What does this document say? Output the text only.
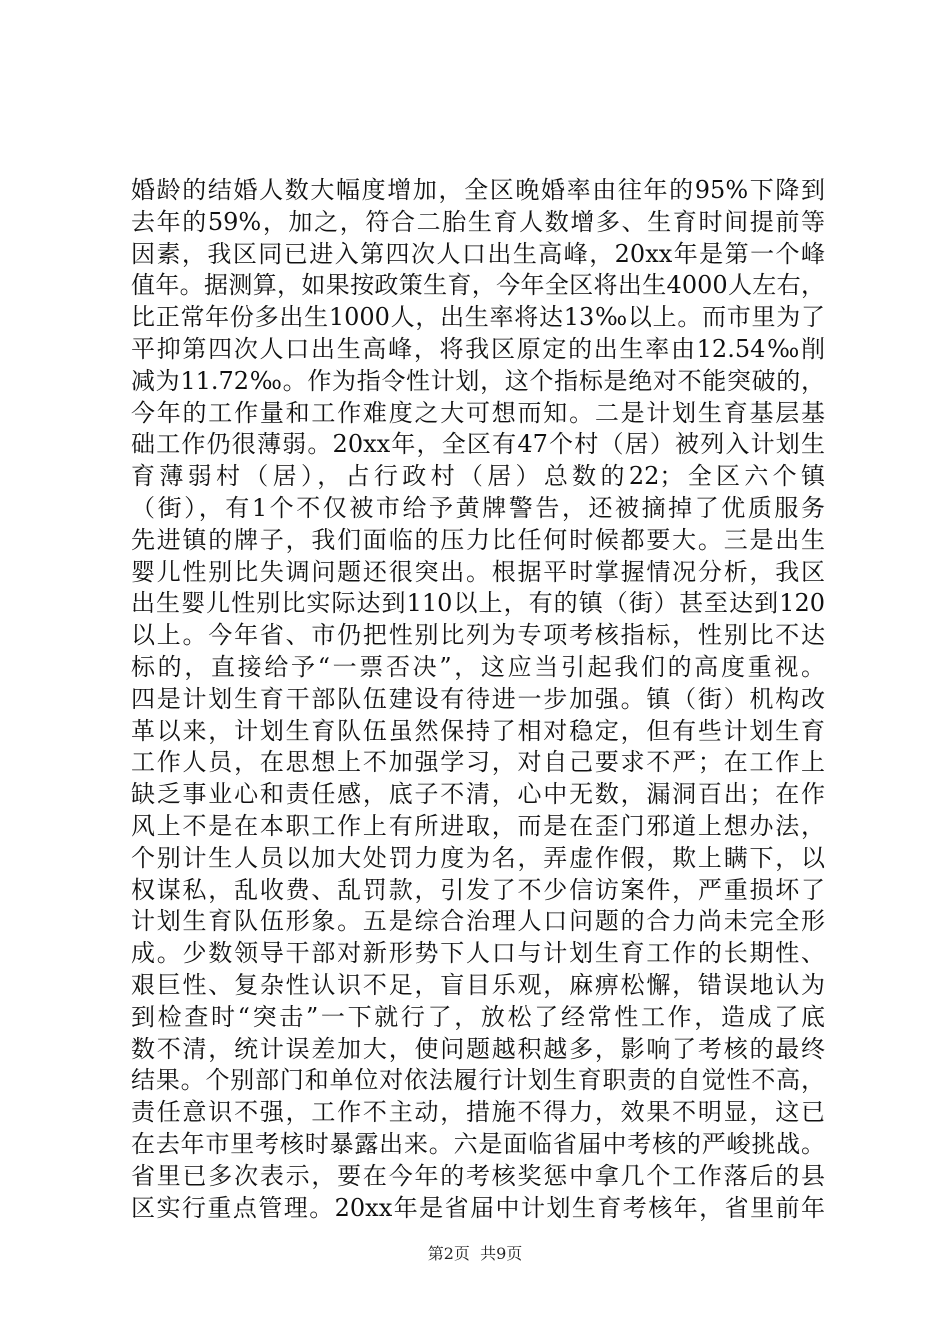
婚龄的结婚人数大幅度增加，全区晚婚率由往年的95%下降到
去年的59%，加之，符合二胎生育人数增多、生育时间提前等
因素，我区同已进入第四次人口出生高峰，20xx年是第一个峰
值年。据测算，如果按政策生育，今年全区将出生4000人左右，
比正常年份多出生1000人，出生率将达13‰以上。而市里为了
平抑第四次人口出生高峰，将我区原定的出生率由12.54‰削
减为11.72‰。作为指令性计划，这个指标是绝对不能突破的，
今年的工作量和工作难度之大可想而知。二是计划生育基层基
础工作仍很薄弱。20xx年，全区有47个村（居）被列入计划生
育薄弱村（居），占行政村（居）总数的22；全区六个镇
（街），有1个不仅被市给予黄牌警告，还被摘掉了优质服务
先进镇的牌子，我们面临的压力比任何时候都要大。三是出生
婴儿性别比失调问题还很突出。根据平时掌握情况分析，我区
出生婴儿性别比实际达到110以上，有的镇（街）甚至达到120
以上。今年省、市仍把性别比列为专项考核指标，性别比不达
标的，直接给予“一票否决”，这应当引起我们的高度重视。
四是计划生育干部队伍建设有待进一步加强。镇（街）机构改
革以来，计划生育队伍虽然保持了相对稳定，但有些计划生育
工作人员，在思想上不加强学习，对自己要求不严；在工作上
缺乏事业心和责任感，底子不清，心中无数，漏洞百出；在作
风上不是在本职工作上有所进取，而是在歪门邪道上想办法，
个别计生人员以加大处罚力度为名，弄虚作假，欺上瞒下，以
权谋私，乱收费、乱罚款，引发了不少信访案件，严重损坏了
计划生育队伍形象。五是综合治理人口问题的合力尚未完全形
成。少数领导干部对新形势下人口与计划生育工作的长期性、
艰巨性、复杂性认识不足，盲目乐观，麻痹松懈，错误地认为
到检查时“突击”一下就行了，放松了经常性工作，造成了底
数不清，统计误差加大，使问题越积越多，影响了考核的最终
结果。个别部门和单位对依法履行计划生育职责的自觉性不高，
责任意识不强，工作不主动，措施不得力，效果不明显，这已
在去年市里考核时暴露出来。六是面临省届中考核的严峻挑战。
省里已多次表示，要在今年的考核奖惩中拿几个工作落后的县
区实行重点管理。20xx年是省届中计划生育考核年，省里前年
第2页  共9页
